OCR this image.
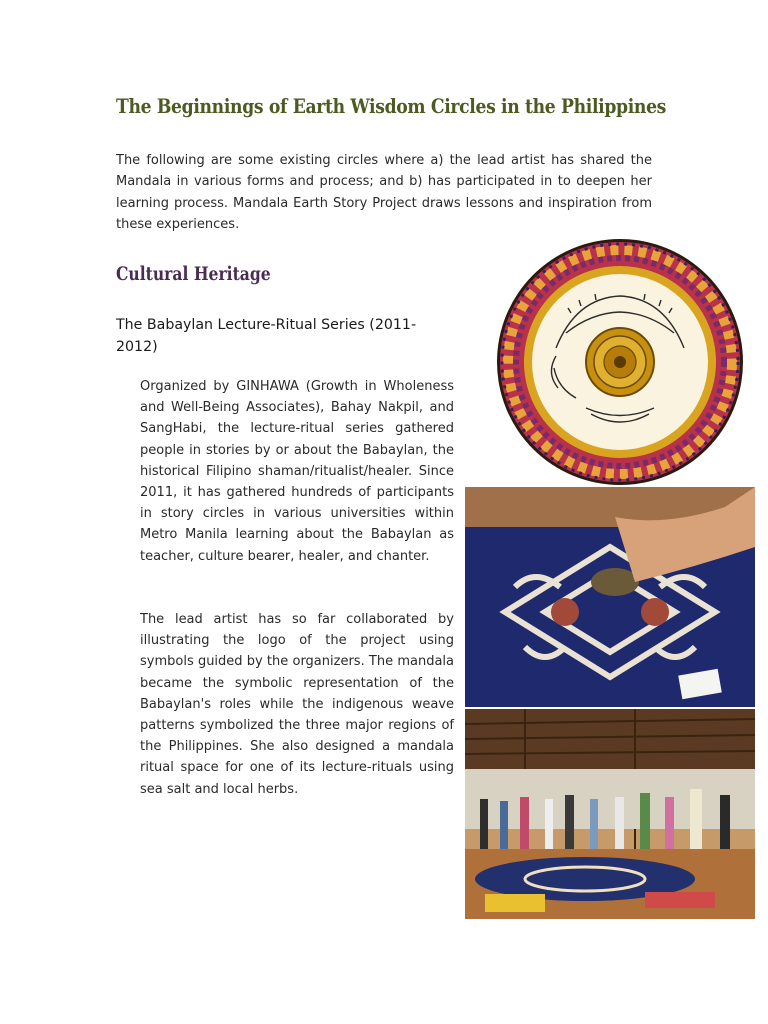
The Beginnings of Earth Wisdom Circles in the Philippines
The following are some existing circles where a) the lead artist has shared the Mandala in various forms and process; and b) has participated in to deepen her learning process. Mandala Earth Story Project draws lessons and inspiration from these experiences.
Cultural Heritage
The Babaylan Lecture-Ritual Series (2011-2012)
Organized by GINHAWA (Growth in Wholeness and Well-Being Associates), Bahay Nakpil, and SangHabi, the lecture-ritual series gathered people in stories by or about the Babaylan, the historical Filipino shaman/ritualist/healer. Since 2011, it has gathered hundreds of participants in story circles in various universities within Metro Manila learning about the Babaylan as teacher, culture bearer, healer, and chanter.
The lead artist has so far collaborated by illustrating the logo of the project using symbols guided by the organizers. The mandala became the symbolic representation of the Babaylan's roles while the indigenous weave patterns symbolized the three major regions of the Philippines. She also designed a mandala ritual space for one of its lecture-rituals using sea salt and local herbs.
